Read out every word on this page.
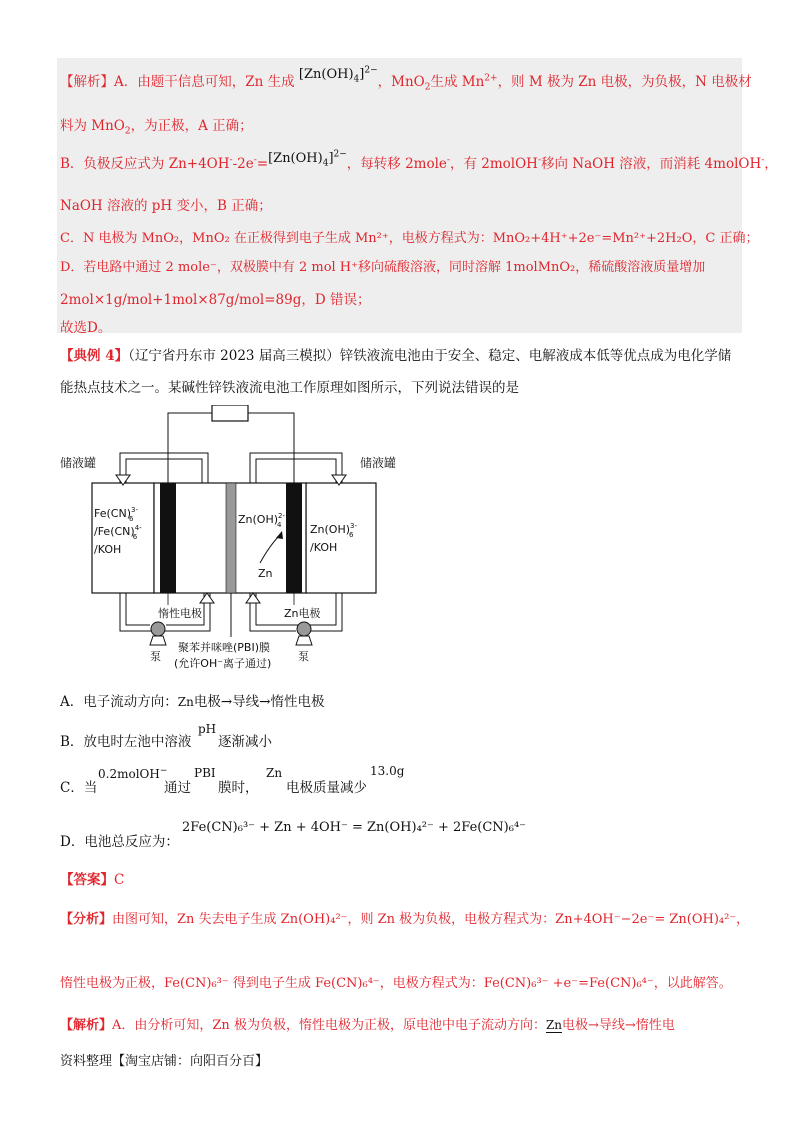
【解析】A．由题干信息可知，Zn 生成 $[Zn(OH)_4]^{2-}$，MnO$_2$生成 $Mn^{2+}$，则 M 极为 Zn 电极，为负极，N 电极材
料为 MnO$_2$，为正极，A 正确；
B．负极反应式为 $Zn+4OH^--2e^-=[Zn(OH)_4]^{2-}$，每转移 2mole-，有 2molOH-移向 NaOH 溶液，而消耗 4molOH-，
NaOH 溶液的 pH 变小，B 正确；
C．N 电极为 MnO₂，MnO₂ 在正极得到电子生成 Mn²⁺，电极方程式为：MnO₂+4H⁺+2e⁻=Mn²⁺+2H₂O，C 正确；
D．若电路中通过 2 mole⁻，双极膜中有 2 mol H⁺移向硫酸溶液，同时溶解 1molMnO₂，稀硫酸溶液质量增加
2mol×1g/mol+1mol×87g/mol=89g，D 错误；
故选D。
【典例 4】（辽宁省丹东市 2023 届高三模拟）锌铁液流电池由于安全、稳定、电解液成本低等优点成为电化学储
能热点技术之一。某碱性锌铁液流电池工作原理如图所示，下列说法错误的是
储液罐	储液罐
Fe(CN)$^{3-}$6
/Fe(CN)$^{4-}$6
/KOH
Zn(OH)$^{2-}$4
Zn
Zn(OH)$^{3-}$6
/KOH
惰性电极	Zn电极
泵	泵
聚苯并咪唑(PBI)膜
(允许OH⁻离子通过)
A．电子流动方向：Zn电极→导线→惰性电极
B．放电时左池中溶液
pH
逐渐减小
C．当
0.2molOH−
通过
PBI
膜时，
Zn
电极质量减少
13.0g
D．电池总反应为：
2Fe(CN)₆³⁻ + Zn + 4OH⁻ = Zn(OH)₄²⁻ + 2Fe(CN)₆⁴⁻
【答案】C
【分析】由图可知，Zn 失去电子生成 Zn(OH)₄²⁻，则 Zn 极为负极，电极方程式为：Zn+4OH⁻−2e⁻= Zn(OH)₄²⁻，
惰性电极为正极，Fe(CN)₆³⁻ 得到电子生成 Fe(CN)₆⁴⁻，电极方程式为：Fe(CN)₆³⁻ +e⁻=Fe(CN)₆⁴⁻，以此解答。
【解析】A．由分析可知，Zn 极为负极，惰性电极为正极，原电池中电子流动方向：Zn电极→导线→惰性电
资料整理【淘宝店铺：向阳百分百】
